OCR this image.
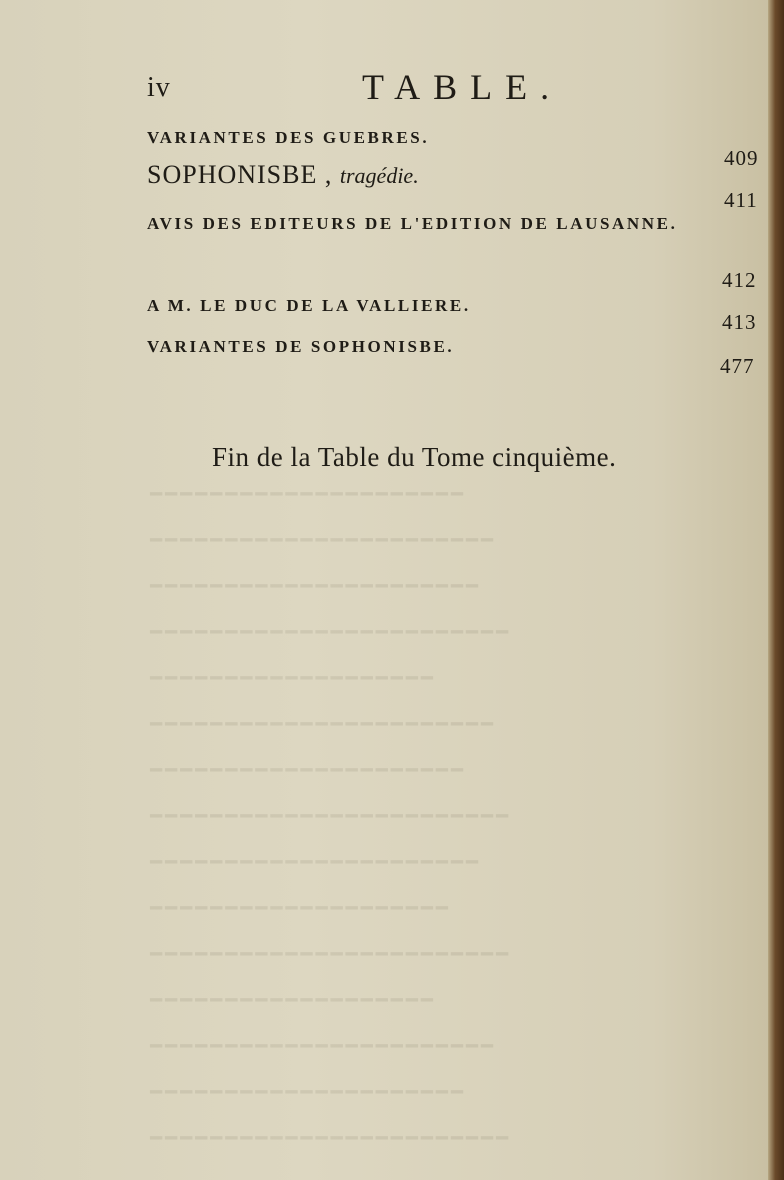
━━━━━━━━━━━━━━━━━━━━━━━━
━━━━━━━━━━━━━━━━━━━━━
━━━━━━━━━━━━━━━━━━━━━━━
━━━━━━━━━━━━━━━━━━━
━━━━━━━━━━━━━━━━━━━━━━━━
━━━━━━━━━━━━━━━━━━━━
━━━━━━━━━━━━━━━━━━━━━━
━━━━━━━━━━━━━━━━━━━━━━━━
━━━━━━━━━━━━━━━━━━━━━
━━━━━━━━━━━━━━━━━━━━━━━
━━━━━━━━━━━━━━━━━━━
━━━━━━━━━━━━━━━━━━━━━━━━
━━━━━━━━━━━━━━━━━━━━━━
━━━━━━━━━━━━━━━━━━━━━━━
━━━━━━━━━━━━━━━━━━━━━
iv	TABLE.
VARIANTES DES GUEBRES.
409
SOPHONISBE , tragédie.
411
AVIS DES EDITEURS DE L'EDITION DE LAUSANNE.
412
A M. LE DUC DE LA VALLIERE.
413
VARIANTES DE SOPHONISBE.
477
Fin de la Table du Tome cinquième.
